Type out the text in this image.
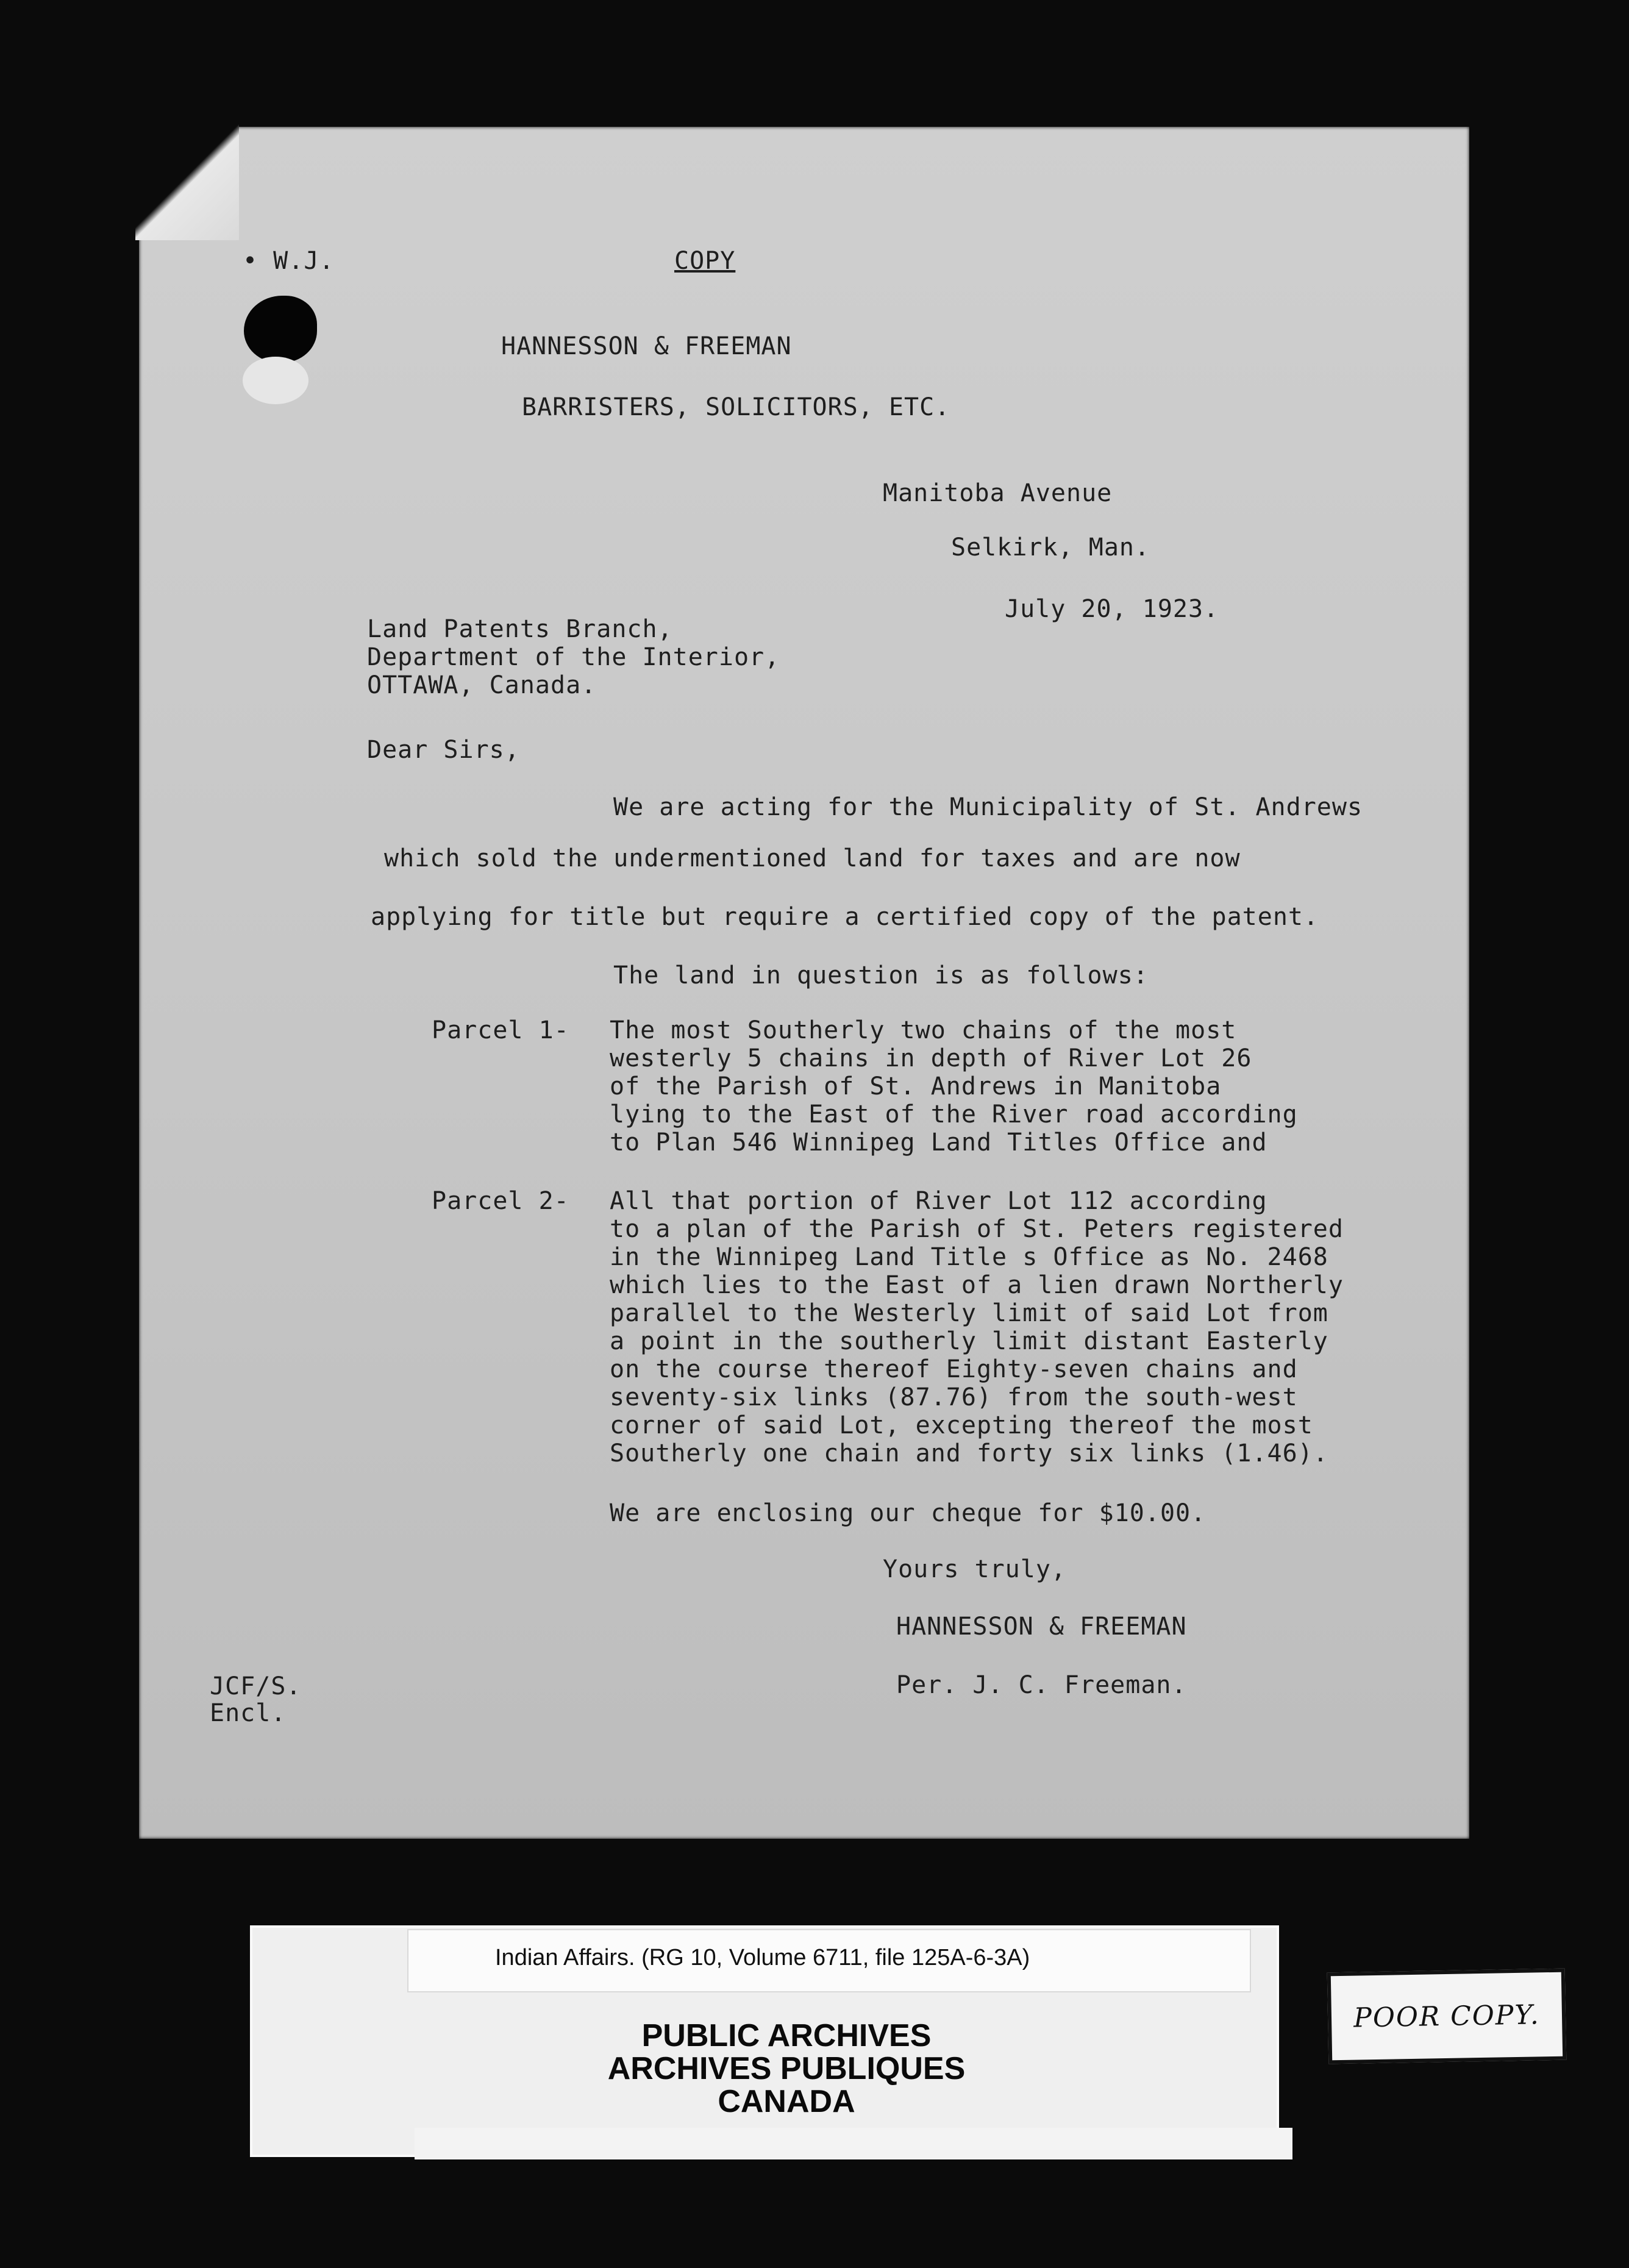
• W.J.	COPY
HANNESSON & FREEMAN
BARRISTERS, SOLICITORS, ETC.
Manitoba Avenue
Selkirk, Man.
July 20, 1923.
Land Patents Branch,
Department of the Interior,
OTTAWA, Canada.
Dear Sirs,
We are acting for the Municipality of St. Andrews
which sold the undermentioned land for taxes and are now
applying for title but require a certified copy of the patent.
The land in question is as follows:
Parcel 1- The most Southerly two chains of the most
westerly 5 chains in depth of River Lot 26
of the Parish of St. Andrews in Manitoba
lying to the East of the River road according
to Plan 546 Winnipeg Land Titles Office and
Parcel 2- All that portion of River Lot 112 according
to a plan of the Parish of St. Peters registered
in the Winnipeg Land Title s Office as No. 2468
which lies to the East of a lien drawn Northerly
parallel to the Westerly limit of said Lot from
a point in the southerly limit distant Easterly
on the course thereof Eighty-seven chains and
seventy-six links (87.76) from the south-west
corner of said Lot, excepting thereof the most
Southerly one chain and forty six links (1.46).
We are enclosing our cheque for $10.00.
Yours truly,
HANNESSON & FREEMAN
Per. J. C. Freeman.
JCF/S.
Encl.
Indian Affairs. (RG 10, Volume 6711, file 125A-6-3A)
PUBLIC ARCHIVES
ARCHIVES PUBLIQUES
CANADA
POOR COPY.
